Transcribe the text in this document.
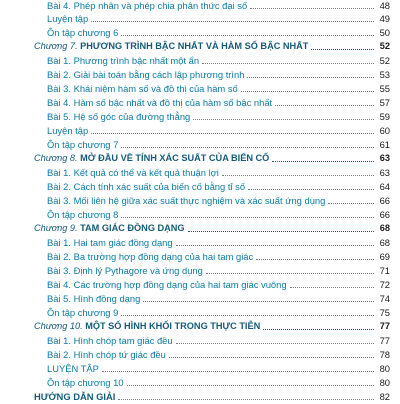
Bài 4. Phép nhân và phép chia phân thức đại số	48
Luyện tập	49
Ôn tập chương 6	50
Chương 7. PHƯƠNG TRÌNH BẬC NHẤT VÀ HÀM SỐ BẬC NHẤT	52
Bài 1. Phương trình bậc nhất một ẩn	52
Bài 2. Giải bài toán bằng cách lập phương trình	53
Bài 3. Khái niệm hàm số và đồ thị của hàm số	55
Bài 4. Hàm số bậc nhất và đồ thị của hàm số bậc nhất	57
Bài 5. Hệ số góc của đường thẳng	59
Luyện tập	60
Ôn tập chương 7	61
Chương 8. MỞ ĐẦU VỀ TÍNH XÁC SUẤT CỦA BIẾN CỐ	63
Bài 1. Kết quả có thể và kết quả thuận lợi	63
Bài 2. Cách tính xác suất của biến cố bằng tỉ số	64
Bài 3. Mối liên hệ giữa xác suất thực nghiệm và xác suất ứng dụng	66
Ôn tập chương 8	66
Chương 9. TAM GIÁC ĐỒNG DẠNG	68
Bài 1. Hai tam giác đồng dạng	68
Bài 2. Ba trường hợp đồng dạng của hai tam giác	69
Bài 3. Định lý Pythagore và ứng dụng	71
Bài 4. Các trường hợp đồng dạng của hai tam giác vuông	72
Bài 5. Hình đồng dạng	74
Ôn tập chương 9	75
Chương 10. MỘT SỐ HÌNH KHỐI TRONG THỰC TIỄN	77
Bài 1. Hình chóp tam giác đều	77
Bài 2. Hình chóp tứ giác đều	78
LUYỆN TẬP	80
Ôn tập chương 10	80
HƯỚNG DẪN GIẢI	82
